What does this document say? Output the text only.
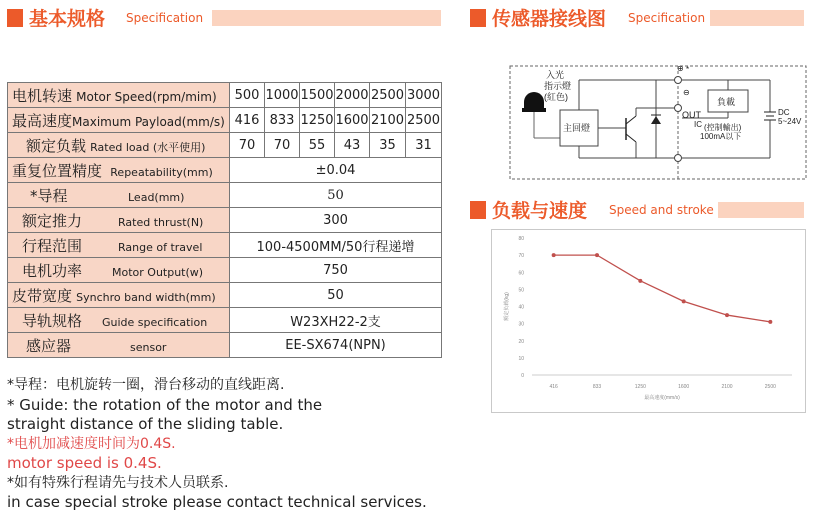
基本规格 Specification	传感器接线图 Specification
负载与速度 Speed and stroke
电机转速 Motor Speed(rpm/mim)	500	1000	1500	2000	2500	3000
最高速度Maximum Payload(mm/s)	416	833	1250	1600	2100	2500
额定负载 Rated load (水平使用)	70	70	55	43	35	31
重复位置精度 Repeatability(mm)	±0.04					
*导程 Lead(mm)	50					
额定推力 Rated thrust(N)	300					
行程范围 Range of travel	100-4500MM/50行程递增					
电机功率 Motor Output(w)	750					
皮带宽度 Synchro band width(mm)	50					
导轨规格 Guide specification	W23XH22-2支					
感应器 sensor	EE-SX674(NPN)					
*导程：电机旋转一圈，滑台移动的直线距离.
* Guide: the rotation of the motor and the
straight distance of the sliding table.
*电机加减速度时间为0.4S.
motor speed is 0.4S.
*如有特殊行程请先与技术人员联系.
in case special stroke please contact technical services.
入光
指示燈
(紅色)
主回燈
⊕
⊖
*
負載
OUT
IC (控制輸出)
100mA以下
DC
5~24V
0
10
20
30
40
50
60
70
80
416	833	1250	1600	2100	2500
额定负载(kg)
最高速度(mm/s)
